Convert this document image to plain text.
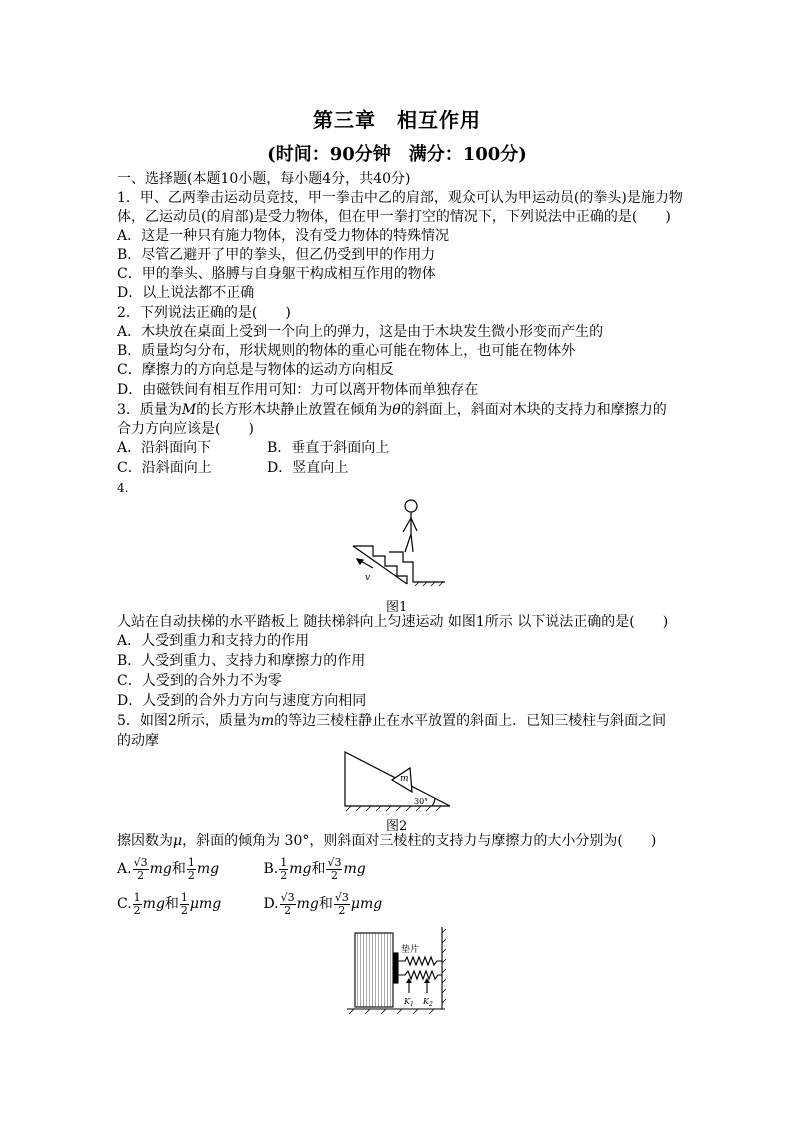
第三章　相互作用
(时间：90分钟　满分：100分)
一、选择题(本题10小题，每小题4分，共40分)
1．甲、乙两拳击运动员竞技，甲一拳击中乙的肩部，观众可认为甲运动员(的拳头)是施力物
体，乙运动员(的肩部)是受力物体，但在甲一拳打空的情况下，下列说法中正确的是(　　)
A．这是一种只有施力物体，没有受力物体的特殊情况
B．尽管乙避开了甲的拳头，但乙仍受到甲的作用力
C．甲的拳头、胳膊与自身躯干构成相互作用的物体
D．以上说法都不正确
2．下列说法正确的是(　　)
A．木块放在桌面上受到一个向上的弹力，这是由于木块发生微小形变而产生的
B．质量均匀分布，形状规则的物体的重心可能在物体上，也可能在物体外
C．摩擦力的方向总是与物体的运动方向相反
D．由磁铁间有相互作用可知：力可以离开物体而单独存在
3．质量为M的长方形木块静止放置在倾角为θ的斜面上，斜面对木块的支持力和摩擦力的
合力方向应该是(　　)
A．沿斜面向下	B．垂直于斜面向上
C．沿斜面向上	D．竖直向上
4.
v
图1
人站在自动扶梯的水平踏板上 随扶梯斜向上匀速运动 如图1所示 以下说法正确的是(　　)
A．人受到重力和支持力的作用
B．人受到重力、支持力和摩擦力的作用
C．人受到的合外力不为零
D．人受到的合外力方向与速度方向相同
5．如图2所示，质量为m的等边三棱柱静止在水平放置的斜面上．已知三棱柱与斜面之间
的动摩
m
30°
图2
擦因数为μ，斜面的倾角为 30°，则斜面对三棱柱的支持力与摩擦力的大小分别为(　　)
A. $\frac{√3}{2}$ mg和 $\frac{1}{2}$ mg	B. $\frac{1}{2}$ mg和 $\frac{√3}{2}$ mg
C. $\frac{1}{2}$ mg和 $\frac{1}{2}$ μmg	D. $\frac{√3}{2}$ mg和 $\frac{√3}{2}$ μmg
垫片
$K_1$ $K_2$
